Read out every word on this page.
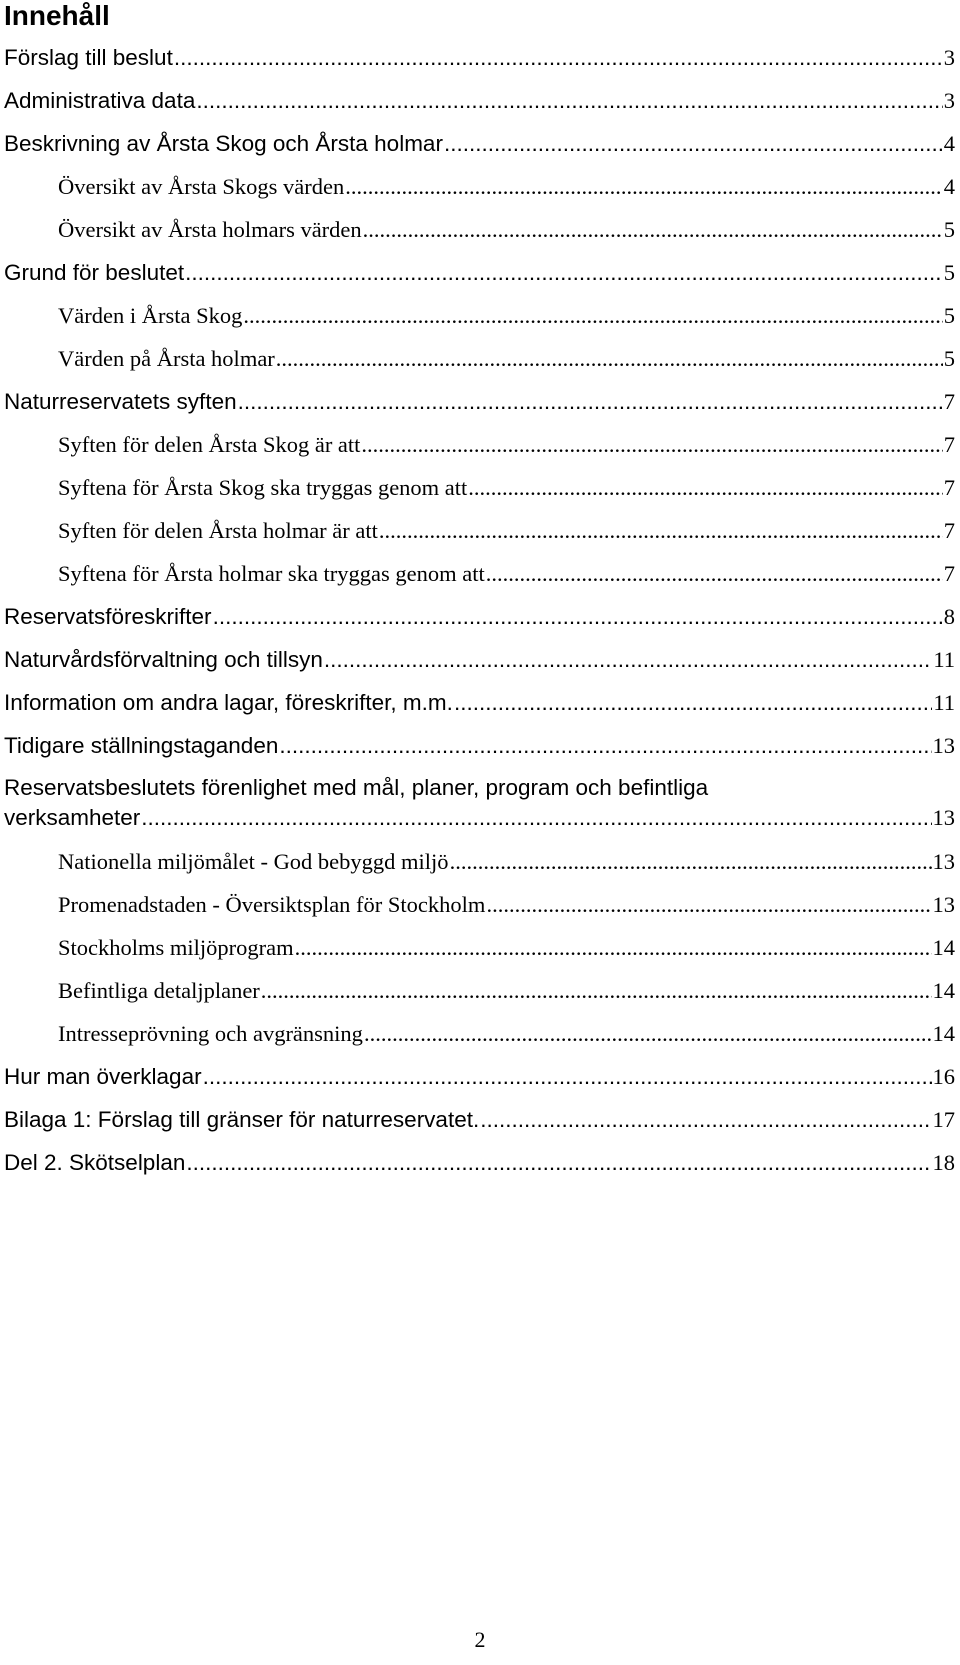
Innehåll
Förslag till beslut .....	3
Administrativa data .....	3
Beskrivning av Årsta Skog och Årsta holmar .....	4
Översikt av Årsta Skogs värden .....	4
Översikt av Årsta holmars värden .....	5
Grund för beslutet .....	5
Värden i Årsta Skog .....	5
Värden på Årsta holmar .....	5
Naturreservatets syften .....	7
Syften för delen Årsta Skog är att .....	7
Syftena för Årsta Skog ska tryggas genom att .....	7
Syften för delen Årsta holmar är att .....	7
Syftena för Årsta holmar ska tryggas genom att .....	7
Reservatsföreskrifter .....	8
Naturvårdsförvaltning och tillsyn .....	11
Information om andra lagar, föreskrifter, m.m. .....	11
Tidigare ställningstaganden .....	13
Reservatsbeslutets förenlighet med mål, planer, program och befintliga
verksamheter .....	13
Nationella miljömålet - God bebyggd miljö .....	13
Promenadstaden - Översiktsplan för Stockholm .....	13
Stockholms miljöprogram .....	14
Befintliga detaljplaner .....	14
Intresseprövning och avgränsning .....	14
Hur man överklagar .....	16
Bilaga 1: Förslag till gränser för naturreservatet. .....	17
Del 2. Skötselplan .....	18
2
